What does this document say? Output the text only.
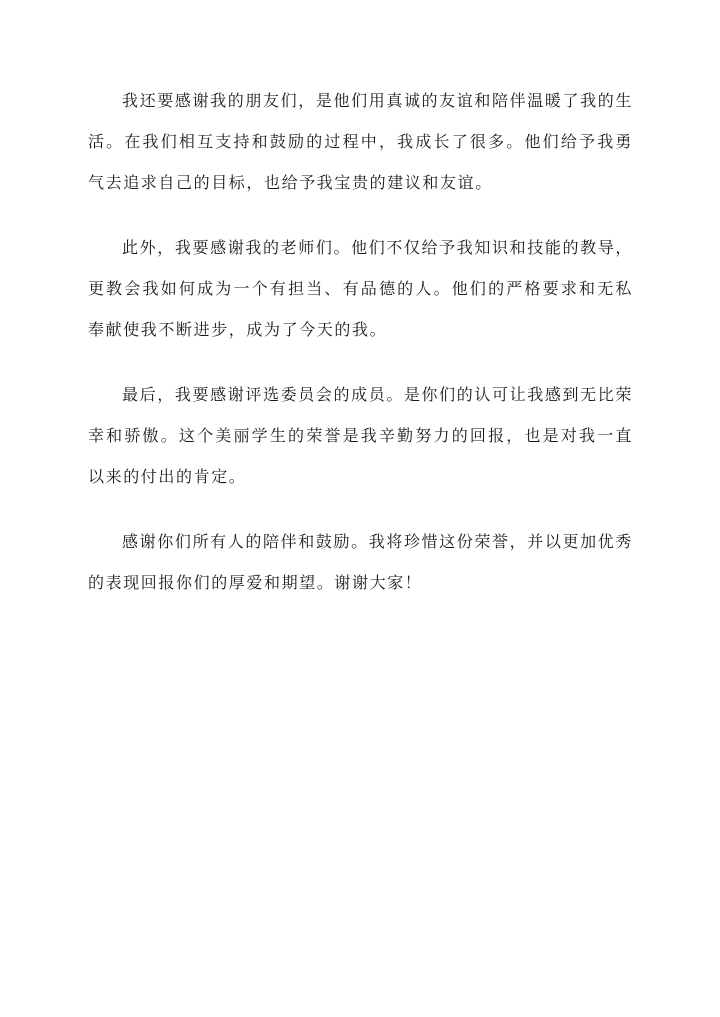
我还要感谢我的朋友们，是他们用真诚的友谊和陪伴温暖了我的生活。在我们相互支持和鼓励的过程中，我成长了很多。他们给予我勇气去追求自己的目标，也给予我宝贵的建议和友谊。

此外，我要感谢我的老师们。他们不仅给予我知识和技能的教导，更教会我如何成为一个有担当、有品德的人。他们的严格要求和无私奉献使我不断进步，成为了今天的我。

最后，我要感谢评选委员会的成员。是你们的认可让我感到无比荣幸和骄傲。这个美丽学生的荣誉是我辛勤努力的回报，也是对我一直以来的付出的肯定。

感谢你们所有人的陪伴和鼓励。我将珍惜这份荣誉，并以更加优秀的表现回报你们的厚爱和期望。谢谢大家！
